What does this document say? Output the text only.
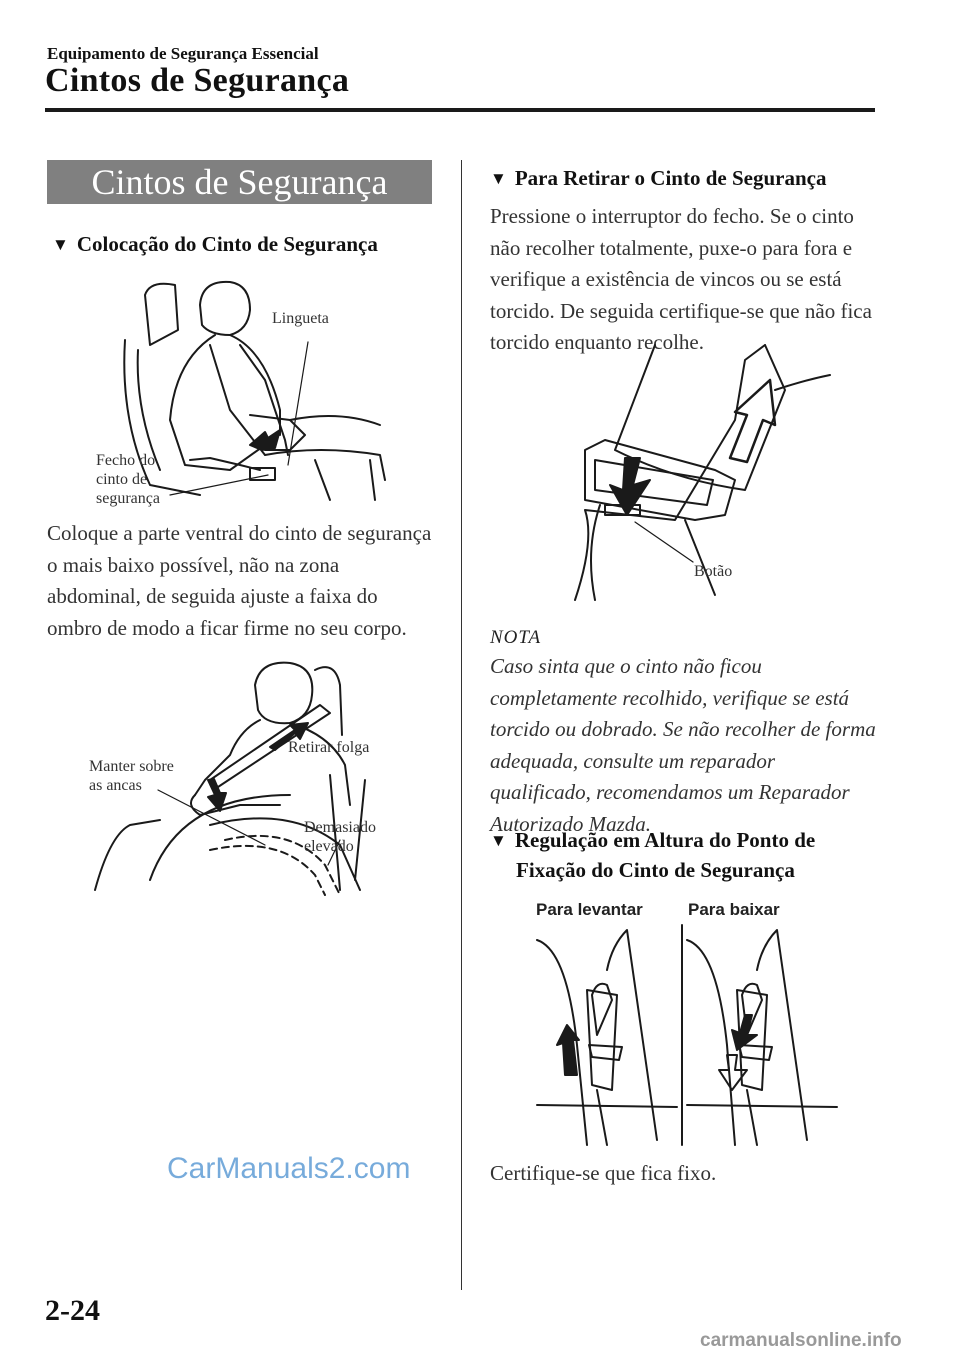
Equipamento de Segurança Essencial
Cintos de Segurança
Cintos de Segurança
▼ Colocação do Cinto de Segurança
Lingueta
Fecho do
cinto de
segurança
Coloque a parte ventral do cinto de segurança o mais baixo possível, não na zona abdominal, de seguida ajuste a faixa do ombro de modo a ficar firme no seu corpo.
Retirar folga
Manter sobre
as ancas
Demasiado
elevado
▼ Para Retirar o Cinto de Segurança
Pressione o interruptor do fecho. Se o cinto não recolher totalmente, puxe-o para fora e verifique a existência de vincos ou se está torcido. De seguida certifique-se que não fica torcido enquanto recolhe.
Botão
NOTA
Caso sinta que o cinto não ficou completamente recolhido, verifique se está torcido ou dobrado. Se não recolher de forma adequada, consulte um reparador qualificado, recomendamos um Reparador Autorizado Mazda.
▼ Regulação em Altura do Ponto de
Fixação do Cinto de Segurança
Para levantar	Para baixar
Certifique-se que fica fixo.
2-24
CarManuals2.com
carmanualsonline.info
